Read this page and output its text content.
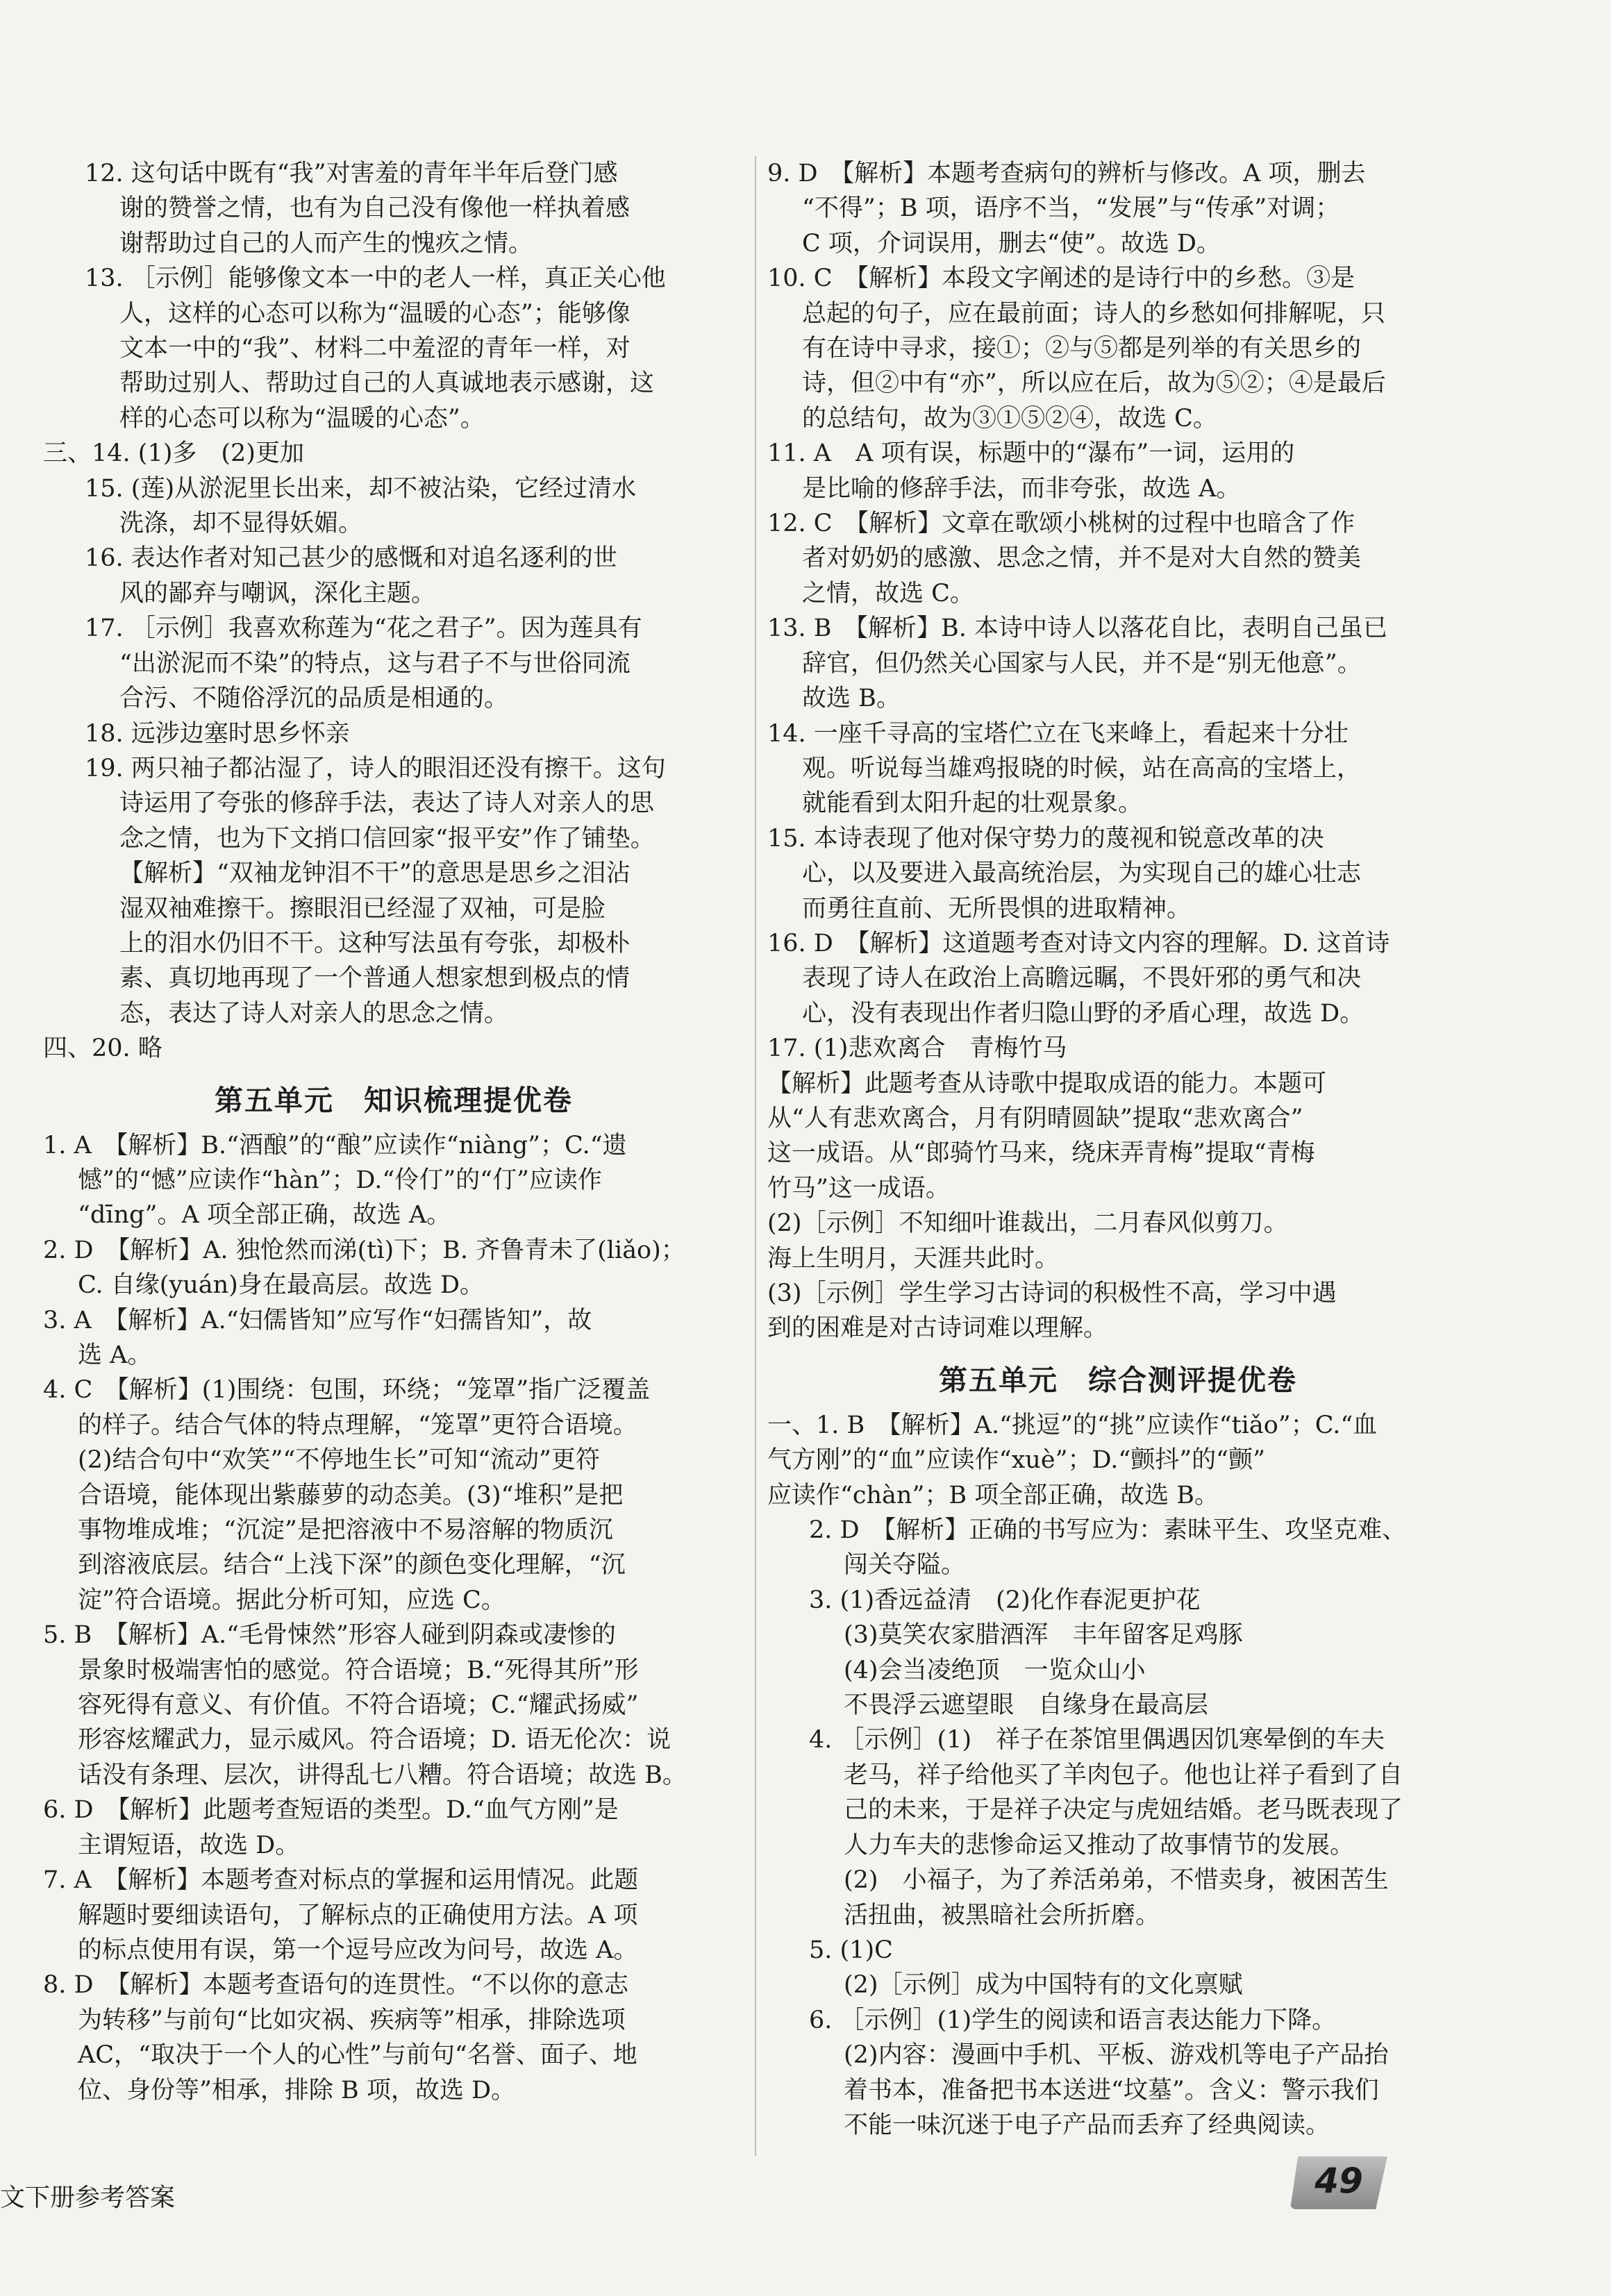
12. 这句话中既有“我”对害羞的青年半年后登门感
谢的赞誉之情，也有为自己没有像他一样执着感
谢帮助过自己的人而产生的愧疚之情。

13. ［示例］能够像文本一中的老人一样，真正关心他
人，这样的心态可以称为“温暖的心态”；能够像
文本一中的“我”、材料二中羞涩的青年一样，对
帮助过别人、帮助过自己的人真诚地表示感谢，这
样的心态可以称为“温暖的心态”。

三、14. (1)多　(2)更加

15. (莲)从淤泥里长出来，却不被沾染，它经过清水
洗涤，却不显得妖媚。

16. 表达作者对知己甚少的感慨和对追名逐利的世
风的鄙弃与嘲讽，深化主题。

17. ［示例］我喜欢称莲为“花之君子”。因为莲具有
“出淤泥而不染”的特点，这与君子不与世俗同流
合污、不随俗浮沉的品质是相通的。

18. 远涉边塞时思乡怀亲

19. 两只袖子都沾湿了，诗人的眼泪还没有擦干。这句
诗运用了夸张的修辞手法，表达了诗人对亲人的思
念之情，也为下文捎口信回家“报平安”作了铺垫。

【解析】“双袖龙钟泪不干”的意思是思乡之泪沾
湿双袖难擦干。擦眼泪已经湿了双袖，可是脸
上的泪水仍旧不干。这种写法虽有夸张，却极朴
素、真切地再现了一个普通人想家想到极点的情
态，表达了诗人对亲人的思念之情。

四、20. 略

第五单元　知识梳理提优卷

1. A　【解析】B.“酒酿”的“酿”应读作“niàng”；C.“遗
憾”的“憾”应读作“hàn”；D.“伶仃”的“仃”应读作
“dīng”。A 项全部正确，故选 A。

2. D　【解析】A. 独怆然而涕(tì)下；B. 齐鲁青未了(liǎo)；
C. 自缘(yuán)身在最高层。故选 D。

3. A　【解析】A.“妇儒皆知”应写作“妇孺皆知”，故
选 A。

4. C　【解析】(1)围绕：包围，环绕；“笼罩”指广泛覆盖
的样子。结合气体的特点理解，“笼罩”更符合语境。
(2)结合句中“欢笑”“不停地生长”可知“流动”更符
合语境，能体现出紫藤萝的动态美。(3)“堆积”是把
事物堆成堆；“沉淀”是把溶液中不易溶解的物质沉
到溶液底层。结合“上浅下深”的颜色变化理解，“沉
淀”符合语境。据此分析可知，应选 C。

5. B　【解析】A.“毛骨悚然”形容人碰到阴森或凄惨的
景象时极端害怕的感觉。符合语境；B.“死得其所”形
容死得有意义、有价值。不符合语境；C.“耀武扬威”
形容炫耀武力，显示威风。符合语境；D. 语无伦次：说
话没有条理、层次，讲得乱七八糟。符合语境；故选 B。

6. D　【解析】此题考查短语的类型。D.“血气方刚”是
主谓短语，故选 D。

7. A　【解析】本题考查对标点的掌握和运用情况。此题
解题时要细读语句，了解标点的正确使用方法。A 项
的标点使用有误，第一个逗号应改为问号，故选 A。

8. D　【解析】本题考查语句的连贯性。“不以你的意志
为转移”与前句“比如灾祸、疾病等”相承，排除选项
AC，“取决于一个人的心性”与前句“名誉、面子、地
位、身份等”相承，排除 B 项，故选 D。

9. D　【解析】本题考查病句的辨析与修改。A 项，删去
“不得”；B 项，语序不当，“发展”与“传承”对调；
C 项，介词误用，删去“使”。故选 D。

10. C　【解析】本段文字阐述的是诗行中的乡愁。③是
总起的句子，应在最前面；诗人的乡愁如何排解呢，只
有在诗中寻求，接①；②与⑤都是列举的有关思乡的
诗，但②中有“亦”，所以应在后，故为⑤②；④是最后
的总结句，故为③①⑤②④，故选 C。

11. A　A 项有误，标题中的“瀑布”一词，运用的
是比喻的修辞手法，而非夸张，故选 A。

12. C　【解析】文章在歌颂小桃树的过程中也暗含了作
者对奶奶的感激、思念之情，并不是对大自然的赞美
之情，故选 C。

13. B　【解析】B. 本诗中诗人以落花自比，表明自己虽已
辞官，但仍然关心国家与人民，并不是“别无他意”。
故选 B。

14. 一座千寻高的宝塔伫立在飞来峰上，看起来十分壮
观。听说每当雄鸡报晓的时候，站在高高的宝塔上，
就能看到太阳升起的壮观景象。

15. 本诗表现了他对保守势力的蔑视和锐意改革的决
心，以及要进入最高统治层，为实现自己的雄心壮志
而勇往直前、无所畏惧的进取精神。

16. D　【解析】这道题考查对诗文内容的理解。D. 这首诗
表现了诗人在政治上高瞻远瞩，不畏奸邪的勇气和决
心，没有表现出作者归隐山野的矛盾心理，故选 D。

17. (1)悲欢离合　青梅竹马

【解析】此题考查从诗歌中提取成语的能力。本题可
从“人有悲欢离合，月有阴晴圆缺”提取“悲欢离合”
这一成语。从“郎骑竹马来，绕床弄青梅”提取“青梅
竹马”这一成语。

(2)［示例］不知细叶谁裁出，二月春风似剪刀。
海上生明月，天涯共此时。

(3)［示例］学生学习古诗词的积极性不高，学习中遇
到的困难是对古诗词难以理解。

第五单元　综合测评提优卷

一、1. B　【解析】A.“挑逗”的“挑”应读作“tiǎo”；C.“血
气方刚”的“血”应读作“xuè”；D.“颤抖”的“颤”
应读作“chàn”；B 项全部正确，故选 B。

2. D　【解析】正确的书写应为：素昧平生、攻坚克难、
闯关夺隘。

3. (1)香远益清　(2)化作春泥更护花
(3)莫笑农家腊酒浑　丰年留客足鸡豚
(4)会当凌绝顶　一览众山小
不畏浮云遮望眼　自缘身在最高层

4. ［示例］(1)　祥子在茶馆里偶遇因饥寒晕倒的车夫
老马，祥子给他买了羊肉包子。他也让祥子看到了自
己的未来，于是祥子决定与虎妞结婚。老马既表现了
人力车夫的悲惨命运又推动了故事情节的发展。
(2)　小福子，为了养活弟弟，不惜卖身，被困苦生
活扭曲，被黑暗社会所折磨。

5. (1)C
(2)［示例］成为中国特有的文化禀赋

6. ［示例］(1)学生的阅读和语言表达能力下降。
(2)内容：漫画中手机、平板、游戏机等电子产品抬
着书本，准备把书本送进“坟墓”。含义：警示我们
不能一味沉迷于电子产品而丢弃了经典阅读。

文下册参考答案	49
